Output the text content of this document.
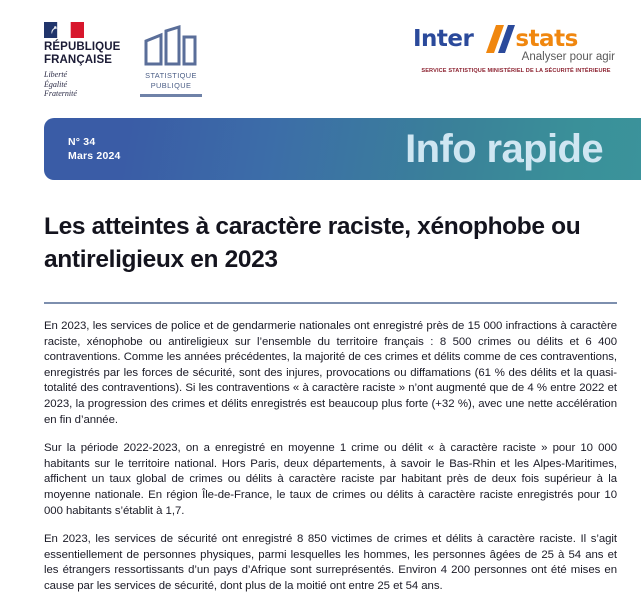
RÉPUBLIQUE
FRANÇAISE
Liberté
Égalité
Fraternité
STATISTIQUE
PUBLIQUE
Inter stats
Analyser pour agir
SERVICE STATISTIQUE MINISTÉRIEL DE LA SÉCURITÉ INTÉRIEURE
N° 34
Mars 2024	Info rapide
Les atteintes à caractère raciste, xénophobe ou antireligieux en 2023

En 2023, les services de police et de gendarmerie nationales ont enregistré près de 15 000 infractions à caractère raciste, xénophobe ou antireligieux sur l’ensemble du territoire français : 8 500 crimes ou délits et 6 400 contraventions. Comme les années précédentes, la majorité de ces crimes et délits comme de ces contraventions, enregistrés par les forces de sécurité, sont des injures, provocations ou diffamations (61 % des délits et la quasi-totalité des contraventions). Si les contraventions « à caractère raciste » n’ont augmenté que de 4 % entre 2022 et 2023, la progression des crimes et délits enregistrés est beaucoup plus forte (+32 %), avec une nette accélération en fin d’année.

Sur la période 2022-2023, on a enregistré en moyenne 1 crime ou délit « à caractère raciste » pour 10 000 habitants sur le territoire national. Hors Paris, deux départements, à savoir le Bas-Rhin et les Alpes-Maritimes, affichent un taux global de crimes ou délits à caractère raciste par habitant près de deux fois supérieur à la moyenne nationale. En région Île-de-France, le taux de crimes ou délits à caractère raciste enregistrés pour 10 000 habitants s’établit à 1,7.

En 2023, les services de sécurité ont enregistré 8 850 victimes de crimes et délits à caractère raciste. Il s’agit essentiellement de personnes physiques, parmi lesquelles les hommes, les personnes âgées de 25 à 54 ans et les étrangers ressortissants d’un pays d’Afrique sont surreprésentés. Environ 4 200 personnes ont été mises en cause par les services de sécurité, dont plus de la moitié ont entre 25 et 54 ans.
